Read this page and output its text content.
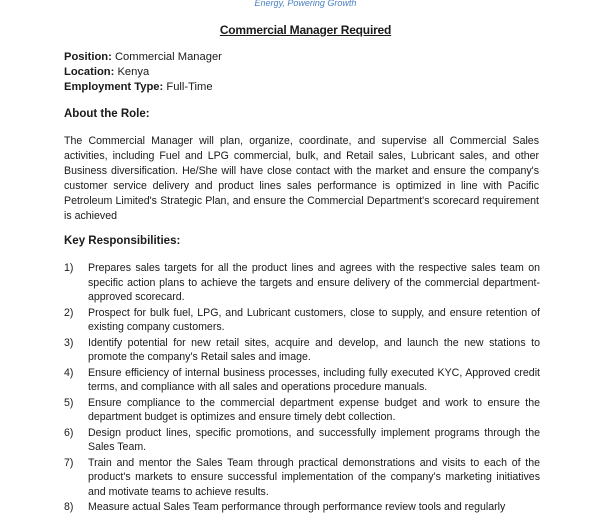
Energy, Powering Growth
Commercial Manager Required
Position: Commercial Manager
Location: Kenya
Employment Type: Full-Time
About the Role:
The Commercial Manager will plan, organize, coordinate, and supervise all Commercial Sales activities, including Fuel and LPG commercial, bulk, and Retail sales, Lubricant sales, and other Business diversification. He/She will have close contact with the market and ensure the company's customer service delivery and product lines sales performance is optimized in line with Pacific Petroleum Limited's Strategic Plan, and ensure the Commercial Department's scorecard requirement is achieved
Key Responsibilities:
1)	Prepares sales targets for all the product lines and agrees with the respective sales team on specific action plans to achieve the targets and ensure delivery of the commercial department-approved scorecard.
2)	Prospect for bulk fuel, LPG, and Lubricant customers, close to supply, and ensure retention of existing company customers.
3)	Identify potential for new retail sites, acquire and develop, and launch the new stations to promote the company's Retail sales and image.
4)	Ensure efficiency of internal business processes, including fully executed KYC, Approved credit terms, and compliance with all sales and operations procedure manuals.
5)	Ensure compliance to the commercial department expense budget and work to ensure the department budget is optimizes and ensure timely debt collection.
6)	Design product lines, specific promotions, and successfully implement programs through the Sales Team.
7)	Train and mentor the Sales Team through practical demonstrations and visits to each of the product's markets to ensure successful implementation of the company's marketing initiatives and motivate teams to achieve results.
8)	Measure actual Sales Team performance through performance review tools and regularly
